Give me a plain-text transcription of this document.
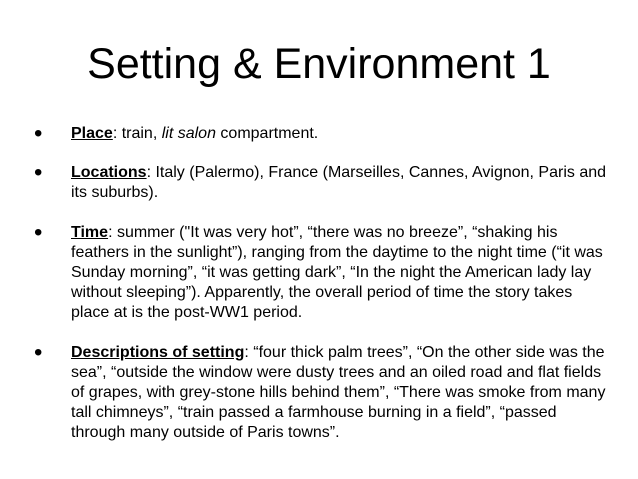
Setting & Environment 1
• Place: train, lit salon compartment.
• Locations: Italy (Palermo), France (Marseilles, Cannes, Avignon, Paris and its suburbs).
• Time: summer ("It was very hot”, “there was no breeze”, “shaking his feathers in the sunlight”), ranging from the daytime to the night time (“it was Sunday morning”, “it was getting dark”, “In the night the American lady lay without sleeping”). Apparently, the overall period of time the story takes place at is the post-WW1 period.
• Descriptions of setting: “four thick palm trees”, “On the other side was the sea”, “outside the window were dusty trees and an oiled road and flat fields of grapes, with grey-stone hills behind them”, “There was smoke from many tall chimneys”, “train passed a farmhouse burning in a field”, “passed through many outside of Paris towns”.
